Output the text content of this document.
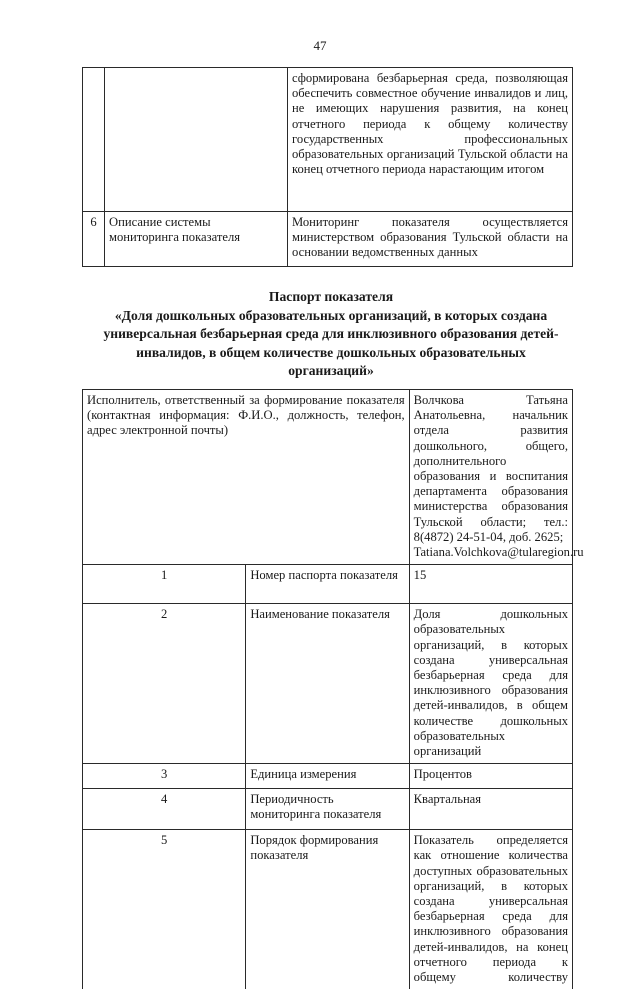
47
		сформирована безбарьерная среда, позволяющая обеспечить совместное обучение инвалидов и лиц, не имеющих нарушения развития, на конец отчетного периода к общему количеству государственных профессиональных образовательных организаций Тульской области на конец отчетного периода нарастающим итогом
6	Описание системы мониторинга показателя	Мониторинг показателя осуществляется министерством образования Тульской области на основании ведомственных данных
Паспорт показателя
«Доля дошкольных образовательных организаций, в которых создана универсальная безбарьерная среда для инклюзивного образования детей-инвалидов, в общем количестве дошкольных образовательных организаций»
Исполнитель, ответственный за формирование показателя (контактная информация: Ф.И.О., должность, телефон, адрес электронной почты)		Волчкова Татьяна Анатольевна, начальник отдела развития дошкольного, общего, дополнительного образования и воспитания департамента образования министерства образования Тульской области; тел.: 8(4872) 24-51-04, доб. 2625;
Tatiana.Volchkova@tularegion.ru

1	Номер паспорта показателя	15
2	Наименование показателя	Доля дошкольных образовательных организаций, в которых создана универсальная безбарьерная среда для инклюзивного образования детей-инвалидов, в общем количестве дошкольных образовательных организаций
3	Единица измерения	Процентов
4	Периодичность мониторинга показателя	Квартальная
5	Порядок формирования показателя	Показатель определяется как отношение количества доступных образовательных организаций, в которых создана универсальная безбарьерная среда для инклюзивного образования детей-инвалидов, на конец отчетного периода к общему количеству
